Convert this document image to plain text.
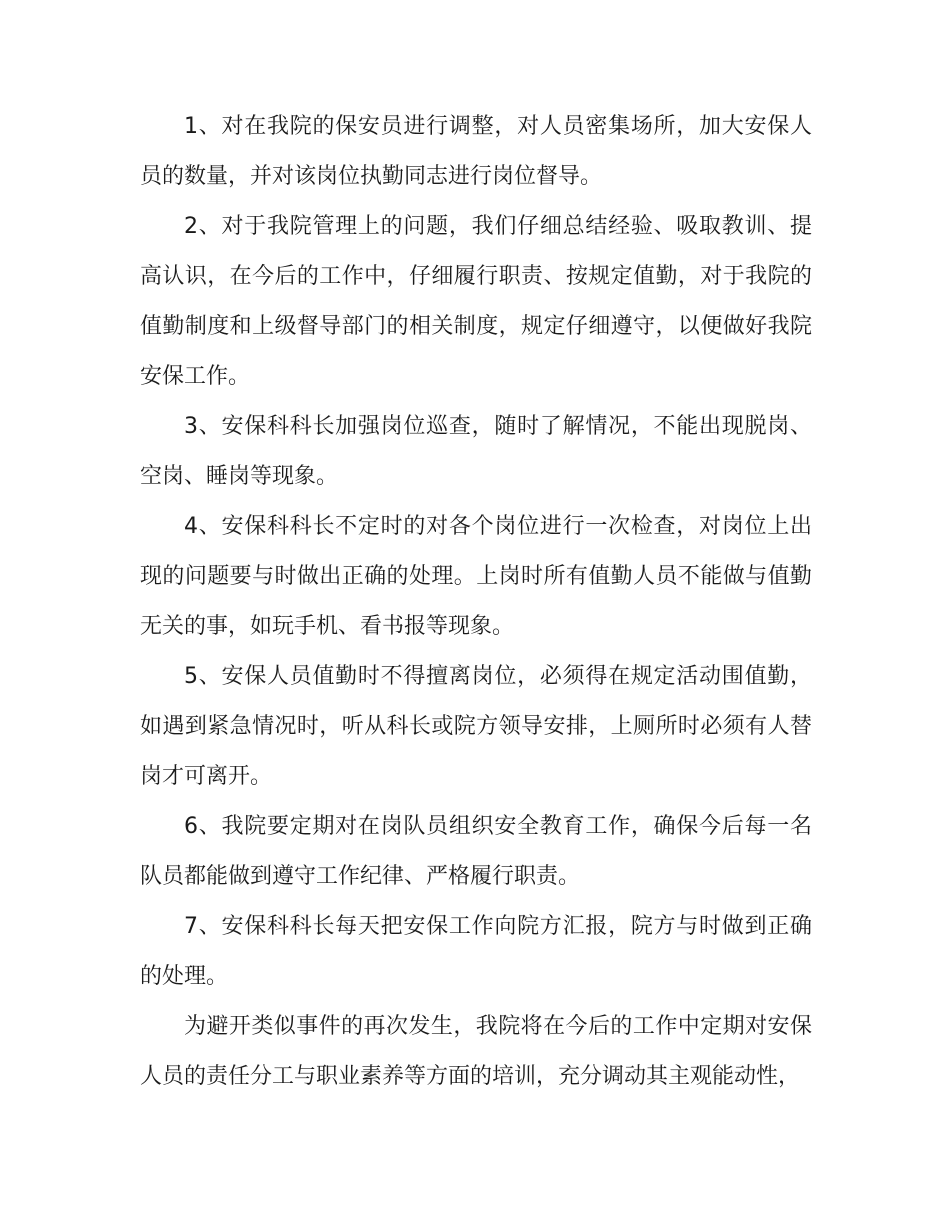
1、对在我院的保安员进行调整，对人员密集场所，加大安保人员的数量，并对该岗位执勤同志进行岗位督导。

2、对于我院管理上的问题，我们仔细总结经验、吸取教训、提高认识，在今后的工作中，仔细履行职责、按规定值勤，对于我院的值勤制度和上级督导部门的相关制度，规定仔细遵守，以便做好我院安保工作。

3、安保科科长加强岗位巡查，随时了解情况，不能出现脱岗、空岗、睡岗等现象。

4、安保科科长不定时的对各个岗位进行一次检查，对岗位上出现的问题要与时做出正确的处理。上岗时所有值勤人员不能做与值勤无关的事，如玩手机、看书报等现象。

5、安保人员值勤时不得擅离岗位，必须得在规定活动围值勤，如遇到紧急情况时，听从科长或院方领导安排，上厕所时必须有人替岗才可离开。

6、我院要定期对在岗队员组织安全教育工作，确保今后每一名队员都能做到遵守工作纪律、严格履行职责。

7、安保科科长每天把安保工作向院方汇报，院方与时做到正确的处理。

为避开类似事件的再次发生，我院将在今后的工作中定期对安保人员的责任分工与职业素养等方面的培训，充分调动其主观能动性，
